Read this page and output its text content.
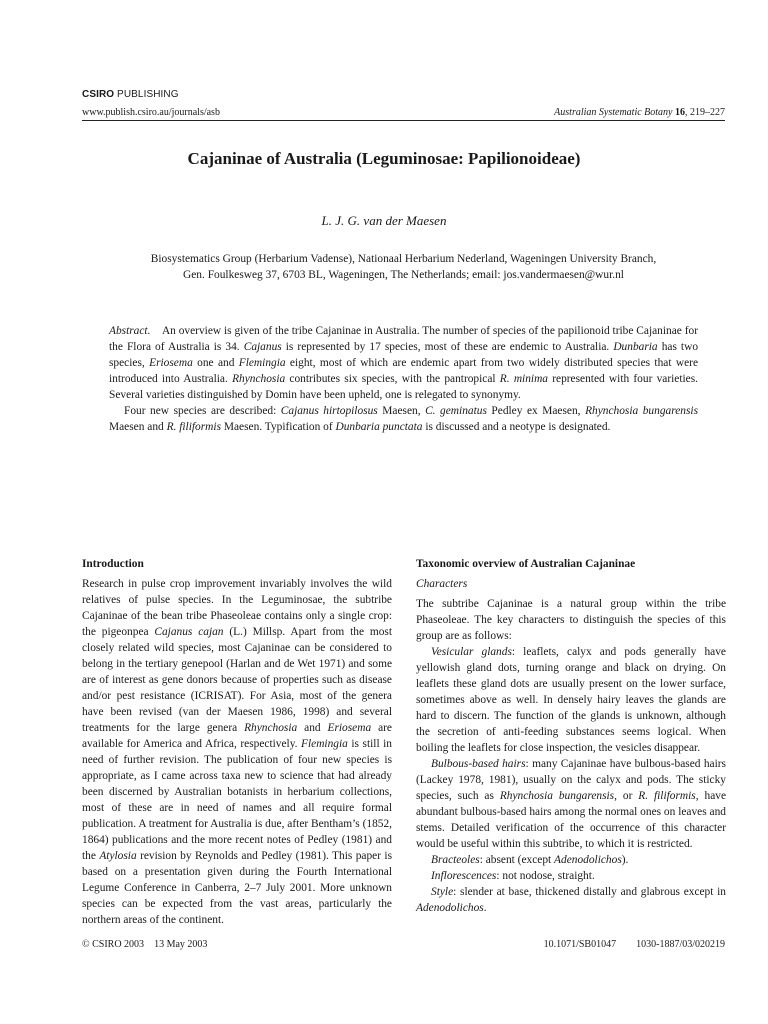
CSIRO PUBLISHING
www.publish.csiro.au/journals/asb	Australian Systematic Botany 16, 219–227
Cajaninae of Australia (Leguminosae: Papilionoideae)
L. J. G. van der Maesen
Biosystematics Group (Herbarium Vadense), Nationaal Herbarium Nederland, Wageningen University Branch,
Gen. Foulkesweg 37, 6703 BL, Wageningen, The Netherlands; email: jos.vandermaesen@wur.nl

Abstract. An overview is given of the tribe Cajaninae in Australia. The number of species of the papilionoid tribe Cajaninae for the Flora of Australia is 34. Cajanus is represented by 17 species, most of these are endemic to Australia. Dunbaria has two species, Eriosema one and Flemingia eight, most of which are endemic apart from two widely distributed species that were introduced into Australia. Rhynchosia contributes six species, with the pantropical R. minima represented with four varieties. Several varieties distinguished by Domin have been upheld, one is relegated to synonymy.

Four new species are described: Cajanus hirtopilosus Maesen, C. geminatus Pedley ex Maesen, Rhynchosia bungarensis Maesen and R. filiformis Maesen. Typification of Dunbaria punctata is discussed and a neotype is designated.

Introduction

Research in pulse crop improvement invariably involves the wild relatives of pulse species. In the Leguminosae, the subtribe Cajaninae of the bean tribe Phaseoleae contains only a single crop: the pigeonpea Cajanus cajan (L.) Millsp. Apart from the most closely related wild species, most Cajaninae can be considered to belong in the tertiary genepool (Harlan and de Wet 1971) and some are of interest as gene donors because of properties such as disease and/or pest resistance (ICRISAT). For Asia, most of the genera have been revised (van der Maesen 1986, 1998) and several treatments for the large genera Rhynchosia and Eriosema are available for America and Africa, respectively. Flemingia is still in need of further revision. The publication of four new species is appropriate, as I came across taxa new to science that had already been discerned by Australian botanists in herbarium collections, most of these are in need of names and all require formal publication. A treatment for Australia is due, after Bentham’s (1852, 1864) publications and the more recent notes of Pedley (1981) and the Atylosia revision by Reynolds and Pedley (1981). This paper is based on a presentation given during the Fourth International Legume Conference in Canberra, 2–7 July 2001. More unknown species can be expected from the vast areas, particularly the northern areas of the continent.

Taxonomic overview of Australian Cajaninae

Characters

The subtribe Cajaninae is a natural group within the tribe Phaseoleae. The key characters to distinguish the species of this group are as follows:

Vesicular glands: leaflets, calyx and pods generally have yellowish gland dots, turning orange and black on drying. On leaflets these gland dots are usually present on the lower surface, sometimes above as well. In densely hairy leaves the glands are hard to discern. The function of the glands is unknown, although the secretion of anti-feeding substances seems logical. When boiling the leaflets for close inspection, the vesicles disappear.

Bulbous-based hairs: many Cajaninae have bulbous-based hairs (Lackey 1978, 1981), usually on the calyx and pods. The sticky species, such as Rhynchosia bungarensis, or R. filiformis, have abundant bulbous-based hairs among the normal ones on leaves and stems. Detailed verification of the occurrence of this character would be useful within this subtribe, to which it is restricted.

Bracteoles: absent (except Adenodolichos).

Inflorescences: not nodose, straight.

Style: slender at base, thickened distally and glabrous except in Adenodolichos.

© CSIRO 2003 13 May 2003	10.1071/SB01047 1030-1887/03/020219
